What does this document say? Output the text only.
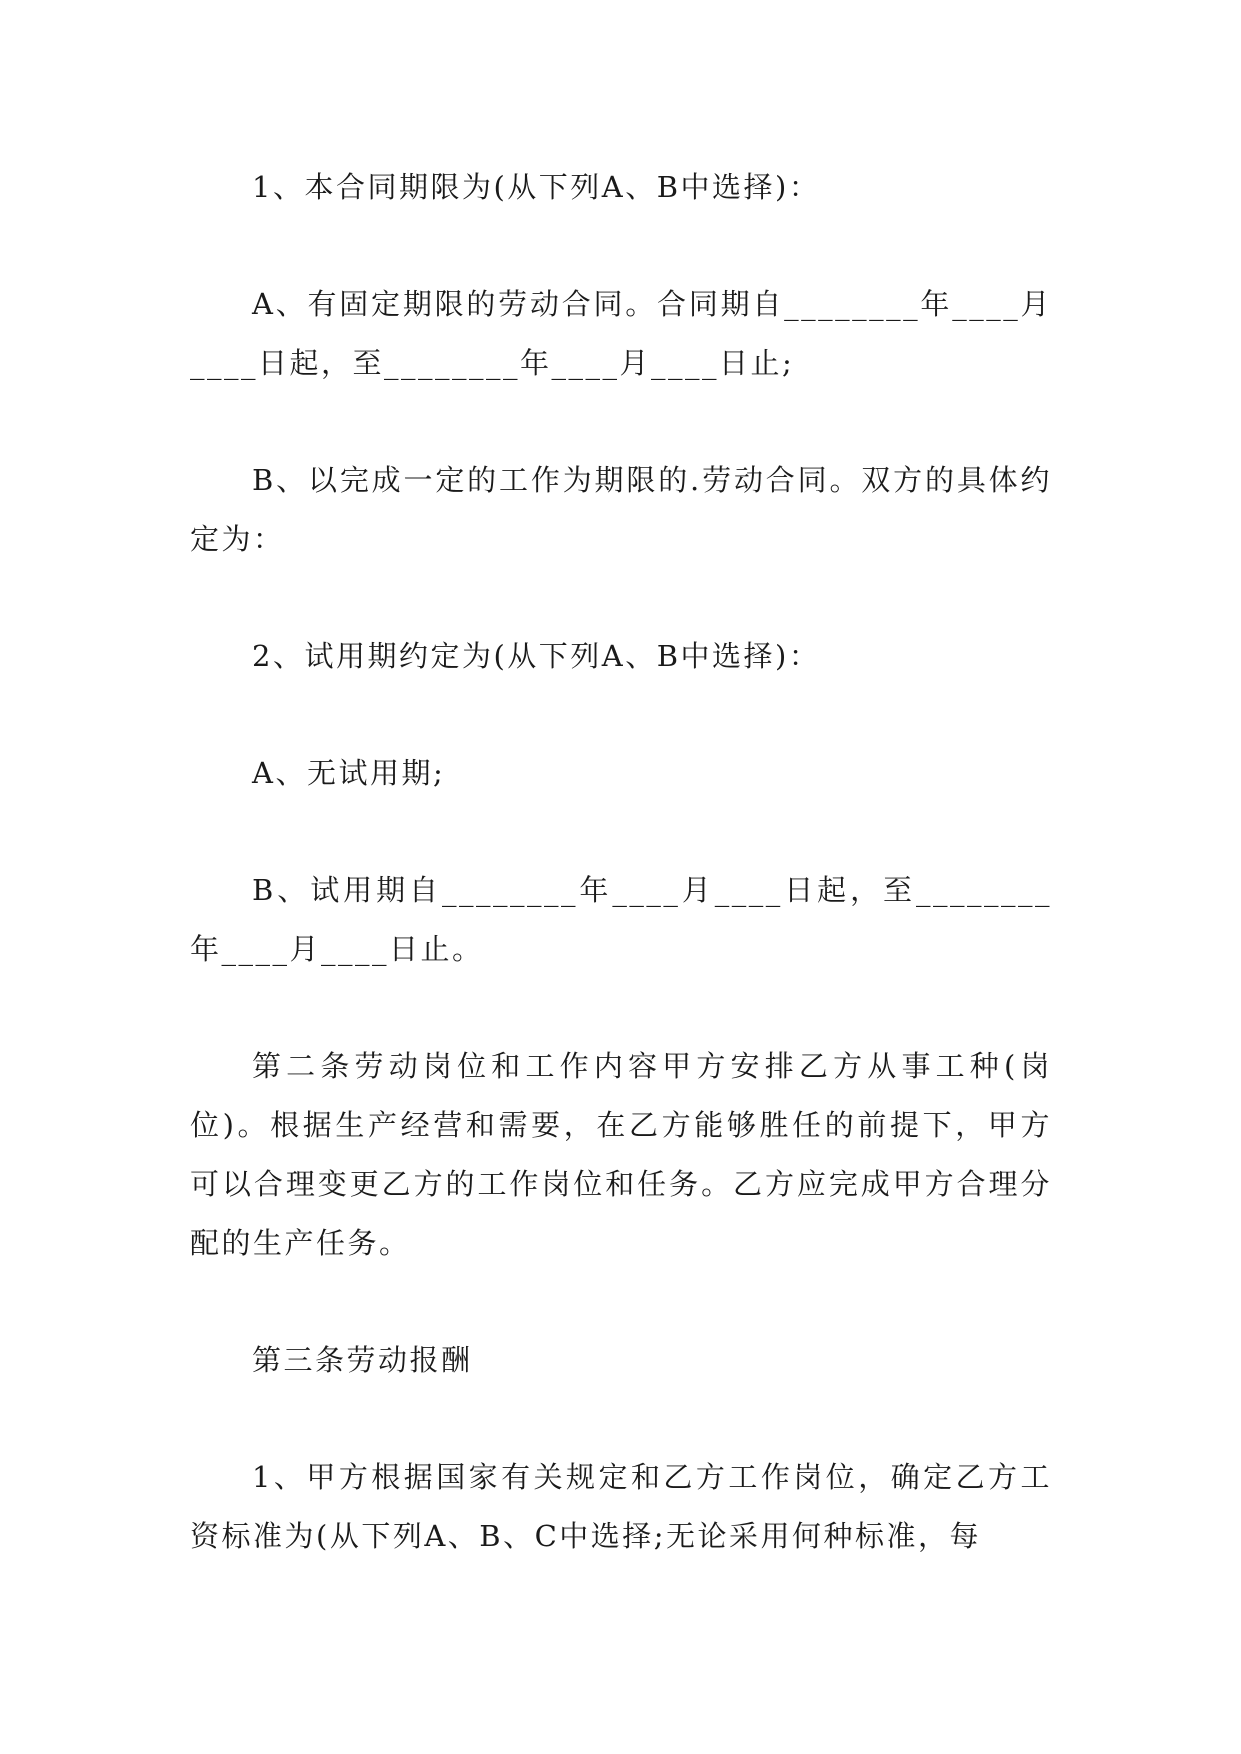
1、本合同期限为(从下列A、B中选择)：

A、有固定期限的劳动合同。合同期自________年____月____日起，至________年____月____日止;

B、以完成一定的工作为期限的.劳动合同。双方的具体约定为：

2、试用期约定为(从下列A、B中选择)：

A、无试用期;

B、试用期自________年____月____日起，至________年____月____日止。

第二条劳动岗位和工作内容甲方安排乙方从事工种(岗位)。根据生产经营和需要，在乙方能够胜任的前提下，甲方可以合理变更乙方的工作岗位和任务。乙方应完成甲方合理分配的生产任务。

第三条劳动报酬

1、甲方根据国家有关规定和乙方工作岗位，确定乙方工资标准为(从下列A、B、C中选择;无论采用何种标准，每
